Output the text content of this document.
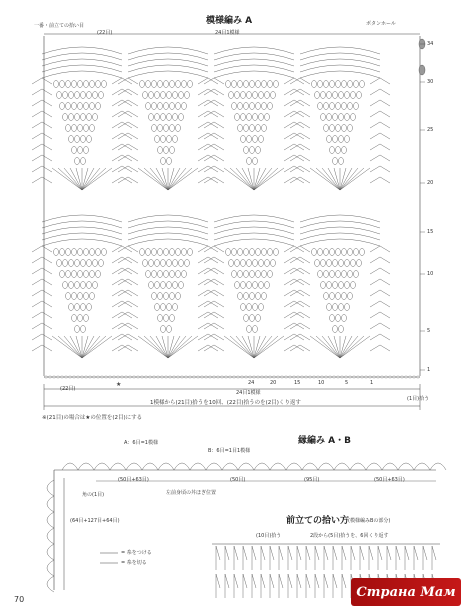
★
模様編み A
一番・前立ての拾い目	ボタンホール
34
30
25
20
15
10
5
1
(22目)	24目1模様
(22目)
24	20	15	10	5	1
24目1模様
1模様から(21目)拾うを10回、(22目)拾うのを(2目)くり返す
(1目)拾う
※(21目)の場合は★の位置を(2目)にする
縁編み A・B
A：6目=1模様
B：6目=1目1模様
(50目+63目)	(50目)	(95目)	(50目+63目)
角の(1目)	左前身頃の丼ほぎ位置
(64目+127目+64目)
= 糸をつける
= 糸を切る
前立ての拾い方
(模様編みBの部分)
(10目)拾う	2段から(5目)拾うを、6回くり返す
70	Страна Мам
